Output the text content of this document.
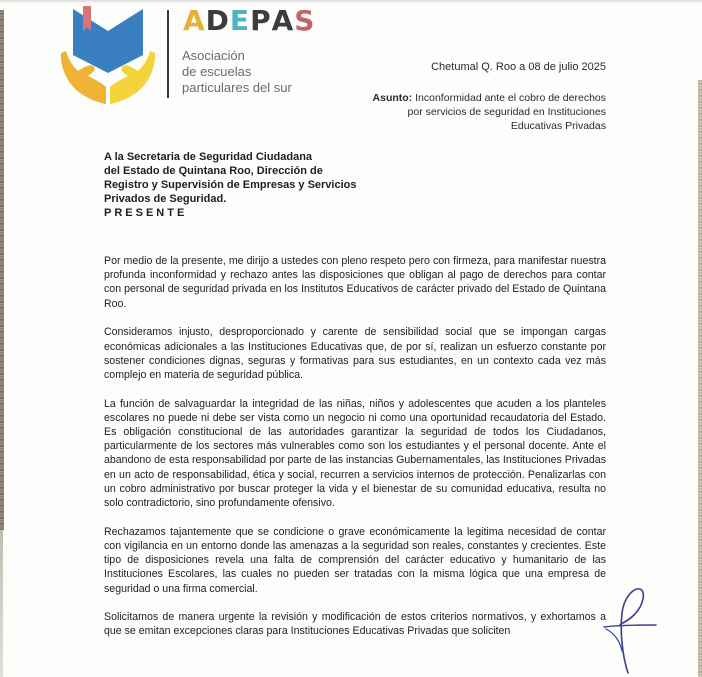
ADEPAS
Asociación
de escuelas
particulares del sur
Chetumal Q. Roo a 08 de julio 2025
Asunto: Inconformidad ante el cobro de derechos
por servicios de seguridad en Instituciones
Educativas Privadas
A la Secretaria de Seguridad Ciudadana
del Estado de Quintana Roo, Dirección de
Registro y Supervisión de Empresas y Servicios
Privados de Seguridad.
PRESENTE

Por medio de la presente, me dirijo a ustedes con pleno respeto pero con firmeza, para manifestar nuestra profunda inconformidad y rechazo antes las disposiciones que obligan al pago de derechos para contar con personal de seguridad privada en los Institutos Educativos de carácter privado del Estado de Quintana Roo.

Consideramos injusto, desproporcionado y carente de sensibilidad social que se impongan cargas económicas adicionales a las Instituciones Educativas que, de por sí, realizan un esfuerzo constante por sostener condiciones dignas, seguras y formativas para sus estudiantes, en un contexto cada vez más complejo en materia de seguridad pública.

La función de salvaguardar la integridad de las niñas, niños y adolescentes que acuden a los planteles escolares no puede ni debe ser vista como un negocio ni como una oportunidad recaudatoria del Estado. Es obligación constitucional de las autoridades garantizar la seguridad de todos los Ciudadanos, particularmente de los sectores más vulnerables como son los estudiantes y el personal docente. Ante el abandono de esta responsabilidad por parte de las instancias Gubernamentales, las Instituciones Privadas en un acto de responsabilidad, ética y social, recurren a servicios internos de protección. Penalizarlas con un cobro administrativo por buscar proteger la vida y el bienestar de su comunidad educativa, resulta no solo contradictorio, sino profundamente ofensivo.

Rechazamos tajantemente que se condicione o grave económicamente la legitima necesidad de contar con vigilancia en un entorno donde las amenazas a la seguridad son reales, constantes y crecientes. Este tipo de disposiciones revela una falta de comprensión del carácter educativo y humanitario de las Instituciones Escolares, las cuales no pueden ser tratadas con la misma lógica que una empresa de seguridad o una firma comercial.

Solicitamos de manera urgente la revisión y modificación de estos criterios normativos, y exhortamos a que se emitan excepciones claras para Instituciones Educativas Privadas que soliciten
